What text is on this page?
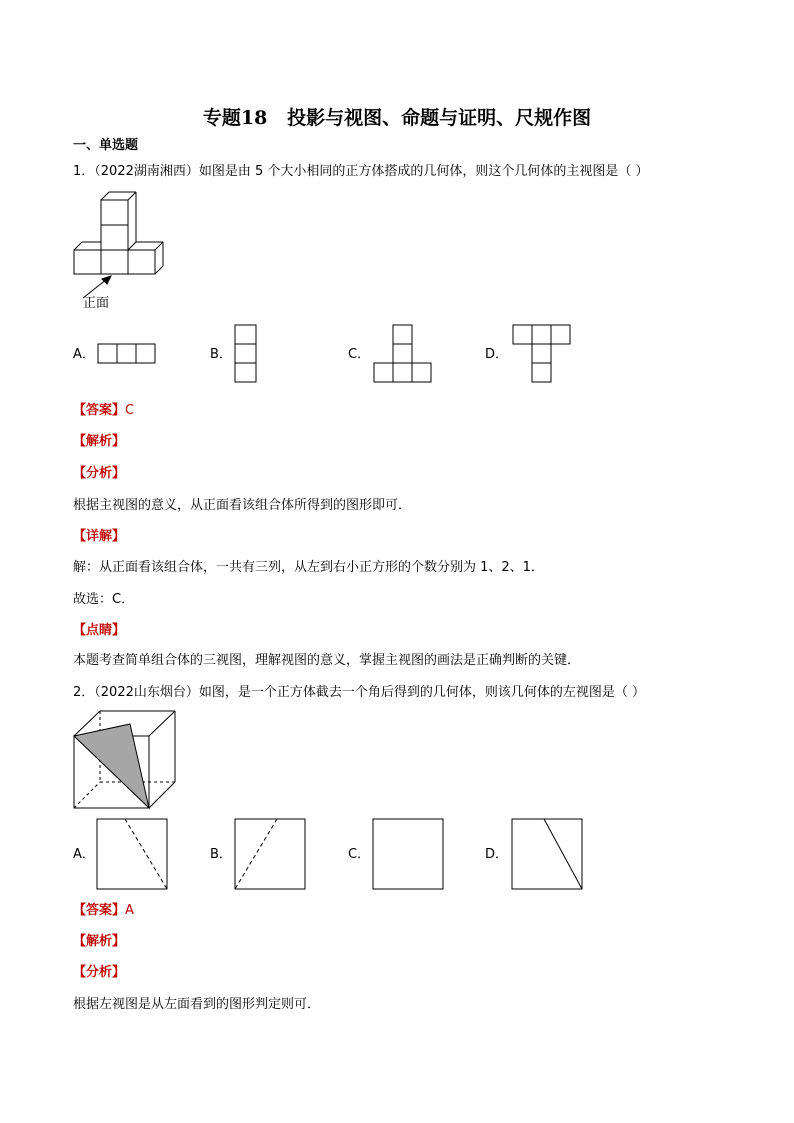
专题18   投影与视图、命题与证明、尺规作图
一、单选题
1．（2022湖南湘西）如图是由 5 个大小相同的正方体搭成的几何体，则这个几何体的主视图是（ ）
正面
A．	B．	C．	D．
【答案】C
【解析】
【分析】
根据主视图的意义，从正面看该组合体所得到的图形即可．
【详解】
解：从正面看该组合体，一共有三列，从左到右小正方形的个数分别为 1、2、1．
故选：C．
【点睛】
本题考查简单组合体的三视图，理解视图的意义，掌握主视图的画法是正确判断的关键．
2．（2022山东烟台）如图，是一个正方体截去一个角后得到的几何体，则该几何体的左视图是（ ）
A．	B．	C．	D．
【答案】A
【解析】
【分析】
根据左视图是从左面看到的图形判定则可．
